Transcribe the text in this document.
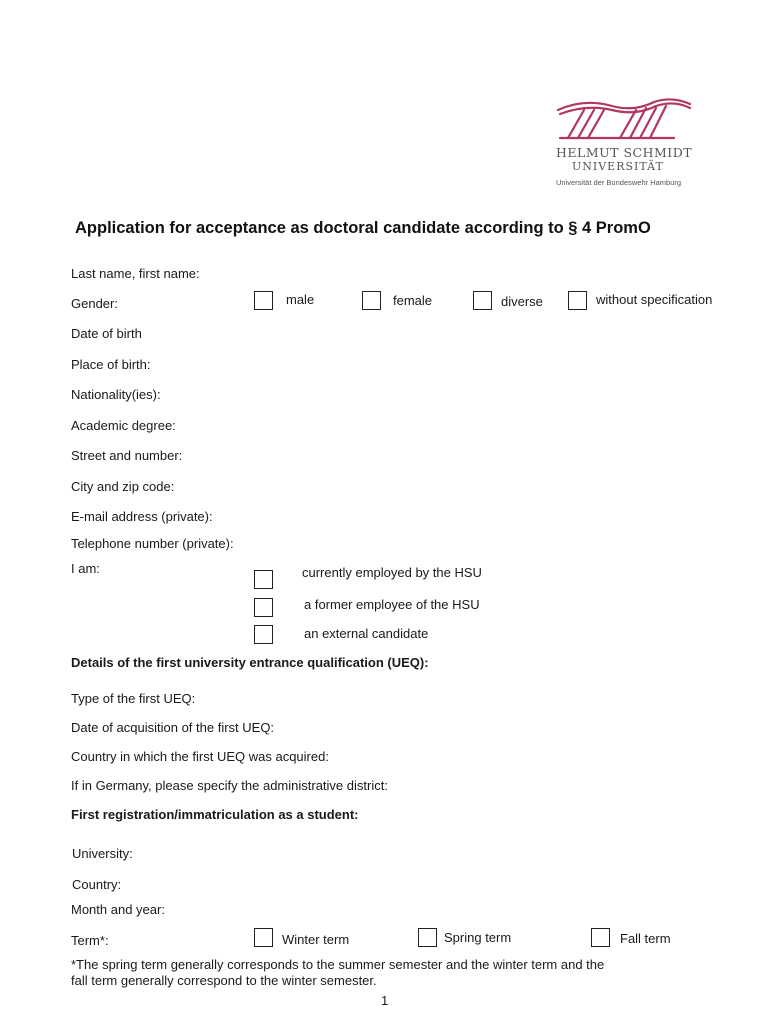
HELMUT SCHMIDT
UNIVERSITÄT
Universität der Bundeswehr Hamburg
Application for acceptance as doctoral candidate according to § 4 PromO
Last name, first name:
Gender:	male	female	diverse	without specification
Date of birth
Place of birth:
Nationality(ies):
Academic degree:
Street and number:
City and zip code:
E-mail address (private):
Telephone number (private):
I am:	currently employed by the HSU
a former employee of the HSU
an external candidate
Details of the first university entrance qualification (UEQ):
Type of the first UEQ:
Date of acquisition of the first UEQ:
Country in which the first UEQ was acquired:
If in Germany, please specify the administrative district:
First registration/immatriculation as a student:
University:
Country:
Month and year:
Term*:	Winter term	Spring term	Fall term
*The spring term generally corresponds to the summer semester and the winter term and the
fall term generally correspond to the winter semester.
1
